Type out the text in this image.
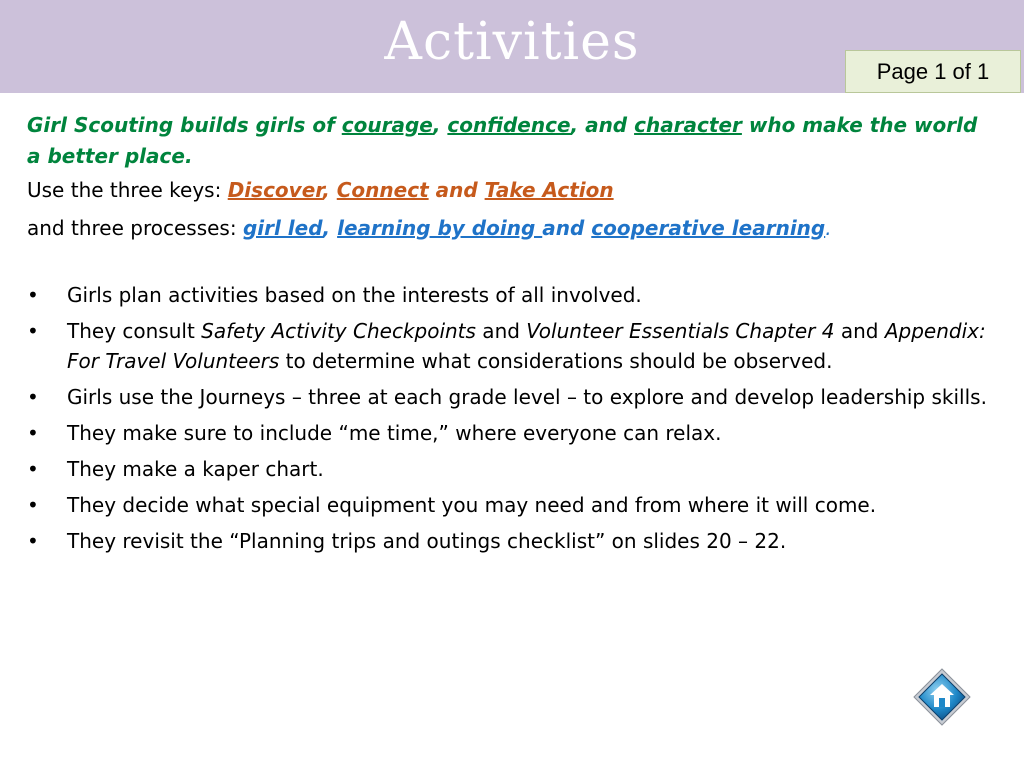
Activities	Page 1 of 1
Girl Scouting builds girls of courage, confidence, and character who make the world a better place.
Use the three keys: Discover, Connect and Take Action
and three processes: girl led, learning by doing and cooperative learning.
• Girls plan activities based on the interests of all involved.
• They consult Safety Activity Checkpoints and Volunteer Essentials Chapter 4 and Appendix: For Travel Volunteers to determine what considerations should be observed.
• Girls use the Journeys – three at each grade level – to explore and develop leadership skills.
• They make sure to include “me time,” where everyone can relax.
• They make a kaper chart.
• They decide what special equipment you may need and from where it will come.
• They revisit the “Planning trips and outings checklist” on slides 20 – 22.
